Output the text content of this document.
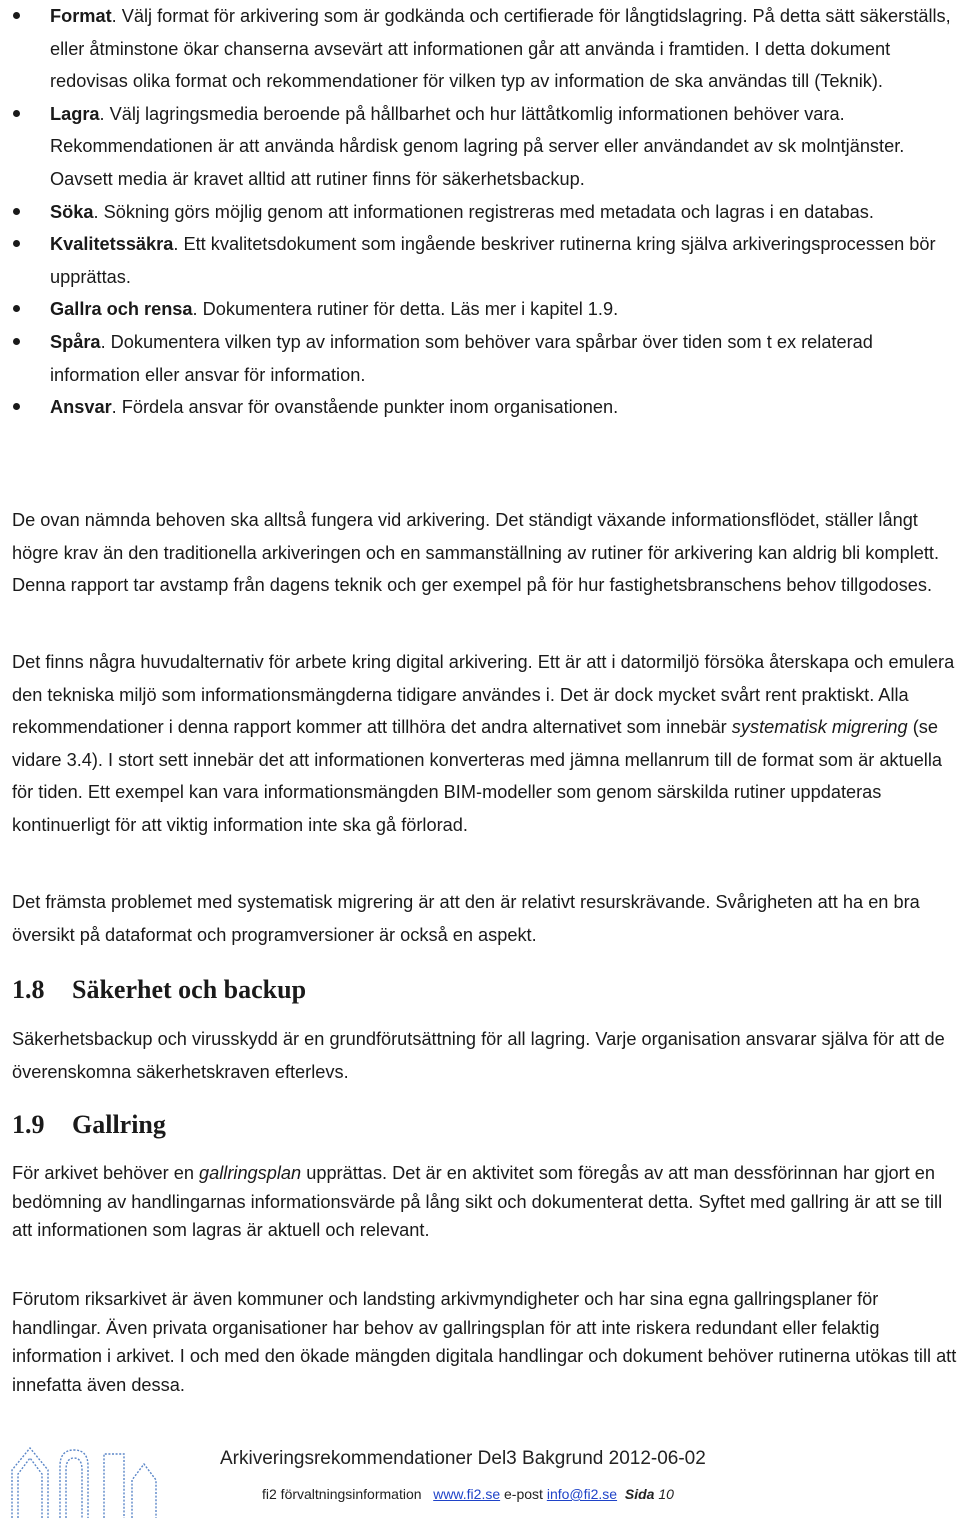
Format. Välj format för arkivering som är godkända och certifierade för långtidslagring. På detta sätt säkerställs, eller åtminstone ökar chanserna avsevärt att informationen går att använda i framtiden. I detta dokument redovisas olika format och rekommendationer för vilken typ av information de ska användas till (Teknik).
Lagra. Välj lagringsmedia beroende på hållbarhet och hur lättåtkomlig informationen behöver vara. Rekommendationen är att använda hårdisk genom lagring på server eller användandet av sk molntjänster. Oavsett media är kravet alltid att rutiner finns för säkerhetsbackup.
Söka. Sökning görs möjlig genom att informationen registreras med metadata och lagras i en databas.
Kvalitetssäkra. Ett kvalitetsdokument som ingående beskriver rutinerna kring själva arkiveringsprocessen bör upprättas.
Gallra och rensa. Dokumentera rutiner för detta. Läs mer i kapitel 1.9.
Spåra. Dokumentera vilken typ av information som behöver vara spårbar över tiden som t ex relaterad information eller ansvar för information.
Ansvar. Fördela ansvar för ovanstående punkter inom organisationen.

De ovan nämnda behoven ska alltså fungera vid arkivering. Det ständigt växande informationsflödet, ställer långt högre krav än den traditionella arkiveringen och en sammanställning av rutiner för arkivering kan aldrig bli komplett. Denna rapport tar avstamp från dagens teknik och ger exempel på för hur fastighetsbranschens behov tillgodoses.

Det finns några huvudalternativ för arbete kring digital arkivering. Ett är att i datormiljö försöka återskapa och emulera den tekniska miljö som informationsmängderna tidigare användes i. Det är dock mycket svårt rent praktiskt. Alla rekommendationer i denna rapport kommer att tillhöra det andra alternativet som innebär systematisk migrering (se vidare 3.4). I stort sett innebär det att informationen konverteras med jämna mellanrum till de format som är aktuella för tiden. Ett exempel kan vara informationsmängden BIM-modeller som genom särskilda rutiner uppdateras kontinuerligt för att viktig information inte ska gå förlorad.

Det främsta problemet med systematisk migrering är att den är relativt resurskrävande. Svårigheten att ha en bra översikt på dataformat och programversioner är också en aspekt.

1.8 Säkerhet och backup

Säkerhetsbackup och virusskydd är en grundförutsättning för all lagring. Varje organisation ansvarar själva för att de överenskomna säkerhetskraven efterlevs.

1.9 Gallring

För arkivet behöver en gallringsplan upprättas. Det är en aktivitet som föregås av att man dessförinnan har gjort en bedömning av handlingarnas informationsvärde på lång sikt och dokumenterat detta. Syftet med gallring är att se till att informationen som lagras är aktuell och relevant.

Förutom riksarkivet är även kommuner och landsting arkivmyndigheter och har sina egna gallringsplaner för handlingar. Även privata organisationer har behov av gallringsplan för att inte riskera redundant eller felaktig information i arkivet. I och med den ökade mängden digitala handlingar och dokument behöver rutinerna utökas till att innefatta även dessa.

Arkiveringsrekommendationer Del3 Bakgrund 2012-06-02
fi2 förvaltningsinformation www.fi2.se e-post info@fi2.se Sida 10
